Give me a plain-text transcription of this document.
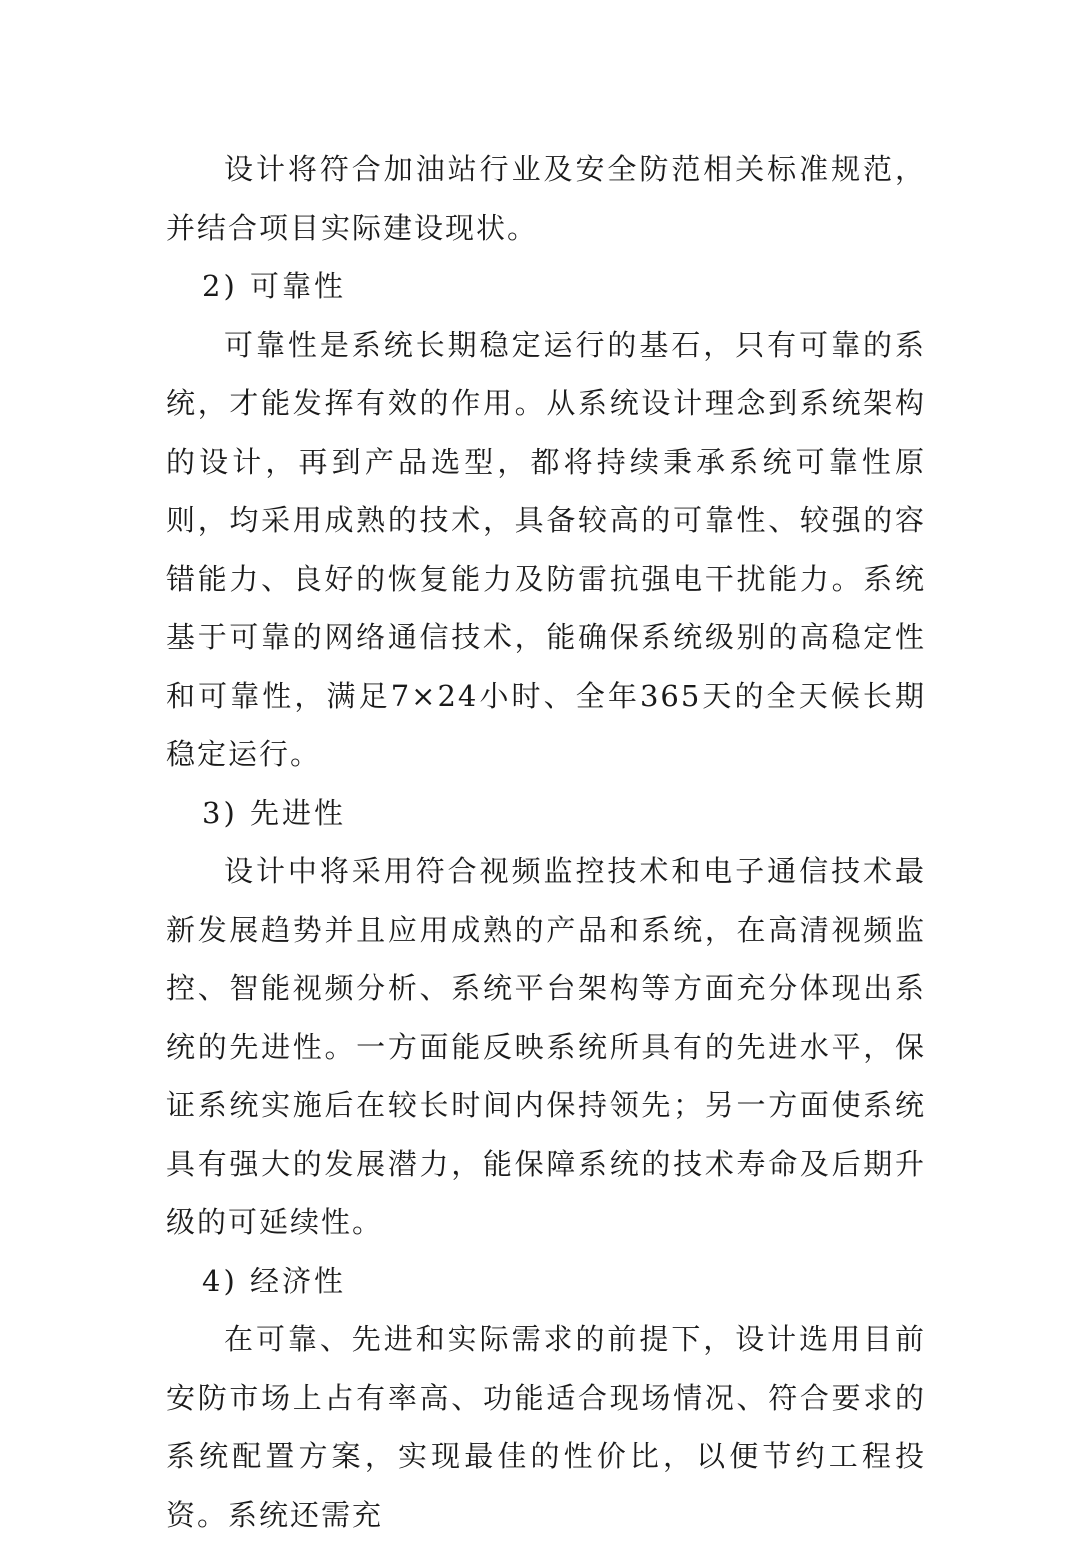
设计将符合加油站行业及安全防范相关标准规范，并结合项目实际建设现状。

2) 可靠性

可靠性是系统长期稳定运行的基石，只有可靠的系统，才能发挥有效的作用。从系统设计理念到系统架构的设计，再到产品选型，都将持续秉承系统可靠性原则，均采用成熟的技术，具备较高的可靠性、较强的容错能力、良好的恢复能力及防雷抗强电干扰能力。系统基于可靠的网络通信技术，能确保系统级别的高稳定性和可靠性，满足7×24小时、全年365天的全天候长期稳定运行。

3) 先进性

设计中将采用符合视频监控技术和电子通信技术最新发展趋势并且应用成熟的产品和系统，在高清视频监控、智能视频分析、系统平台架构等方面充分体现出系统的先进性。一方面能反映系统所具有的先进水平，保证系统实施后在较长时间内保持领先；另一方面使系统具有强大的发展潜力，能保障系统的技术寿命及后期升级的可延续性。

4) 经济性

在可靠、先进和实际需求的前提下，设计选用目前安防市场上占有率高、功能适合现场情况、符合要求的系统配置方案，实现最佳的性价比，以便节约工程投资。系统还需充
